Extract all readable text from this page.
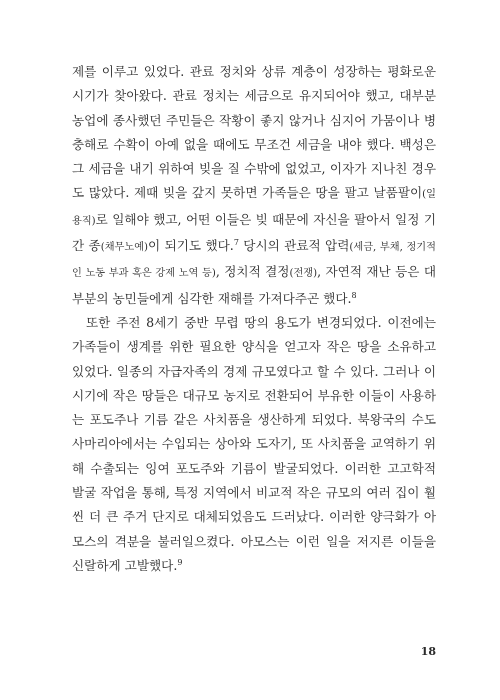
제를 이루고 있었다. 관료 정치와 상류 계층이 성장하는 평화로운 시기가 찾아왔다. 관료 정치는 세금으로 유지되어야 했고, 대부분 농업에 종사했던 주민들은 작황이 좋지 않거나 심지어 가뭄이나 병충해로 수확이 아예 없을 때에도 무조건 세금을 내야 했다. 백성은 그 세금을 내기 위하여 빚을 질 수밖에 없었고, 이자가 지나친 경우도 많았다. 제때 빚을 갚지 못하면 가족들은 땅을 팔고 날품팔이(일용직)로 일해야 했고, 어떤 이들은 빚 때문에 자신을 팔아서 일정 기간 종(채무노예)이 되기도 했다.$^7$ 당시의 관료적 압력(세금, 부채, 정기적인 노동 부과 혹은 강제 노역 등), 정치적 결정(전쟁), 자연적 재난 등은 대부분의 농민들에게 심각한 재해를 가져다주곤 했다.$^8$

또한 주전 8세기 중반 무렵 땅의 용도가 변경되었다. 이전에는 가족들이 생계를 위한 필요한 양식을 얻고자 작은 땅을 소유하고 있었다. 일종의 자급자족의 경제 규모였다고 할 수 있다. 그러나 이 시기에 작은 땅들은 대규모 농지로 전환되어 부유한 이들이 사용하는 포도주나 기름 같은 사치품을 생산하게 되었다. 북왕국의 수도 사마리아에서는 수입되는 상아와 도자기, 또 사치품을 교역하기 위해 수출되는 잉여 포도주와 기름이 발굴되었다. 이러한 고고학적 발굴 작업을 통해, 특정 지역에서 비교적 작은 규모의 여러 집이 훨씬 더 큰 주거 단지로 대체되었음도 드러났다. 이러한 양극화가 아모스의 격분을 불러일으켰다. 아모스는 이런 일을 저지른 이들을 신랄하게 고발했다.$^9$

18
